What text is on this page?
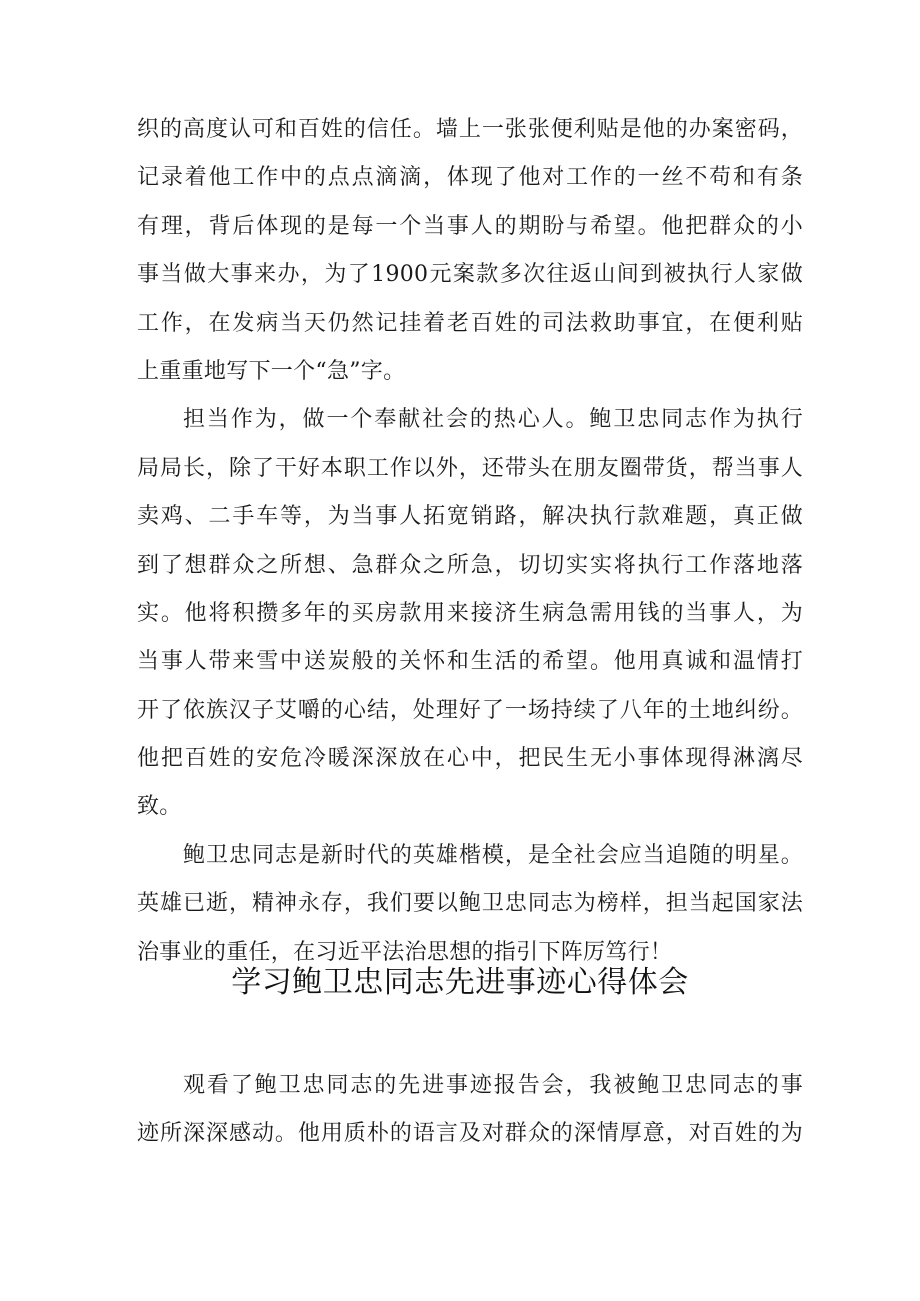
织的高度认可和百姓的信任。墙上一张张便利贴是他的办案密码，
记录着他工作中的点点滴滴，体现了他对工作的一丝不苟和有条
有理，背后体现的是每一个当事人的期盼与希望。他把群众的小
事当做大事来办，为了1900元案款多次往返山间到被执行人家做
工作，在发病当天仍然记挂着老百姓的司法救助事宜，在便利贴
上重重地写下一个“急”字。
担当作为，做一个奉献社会的热心人。鲍卫忠同志作为执行
局局长，除了干好本职工作以外，还带头在朋友圈带货，帮当事人
卖鸡、二手车等，为当事人拓宽销路，解决执行款难题，真正做
到了想群众之所想、急群众之所急，切切实实将执行工作落地落
实。他将积攒多年的买房款用来接济生病急需用钱的当事人，为
当事人带来雪中送炭般的关怀和生活的希望。他用真诚和温情打
开了依族汉子艾嚼的心结，处理好了一场持续了八年的土地纠纷。
他把百姓的安危冷暖深深放在心中，把民生无小事体现得淋漓尽
致。
鲍卫忠同志是新时代的英雄楷模，是全社会应当追随的明星。
英雄已逝，精神永存，我们要以鲍卫忠同志为榜样，担当起国家法
治事业的重任，在习近平法治思想的指引下阵厉笃行！
学习鲍卫忠同志先进事迹心得体会
观看了鲍卫忠同志的先进事迹报告会，我被鲍卫忠同志的事
迹所深深感动。他用质朴的语言及对群众的深情厚意，对百姓的为
